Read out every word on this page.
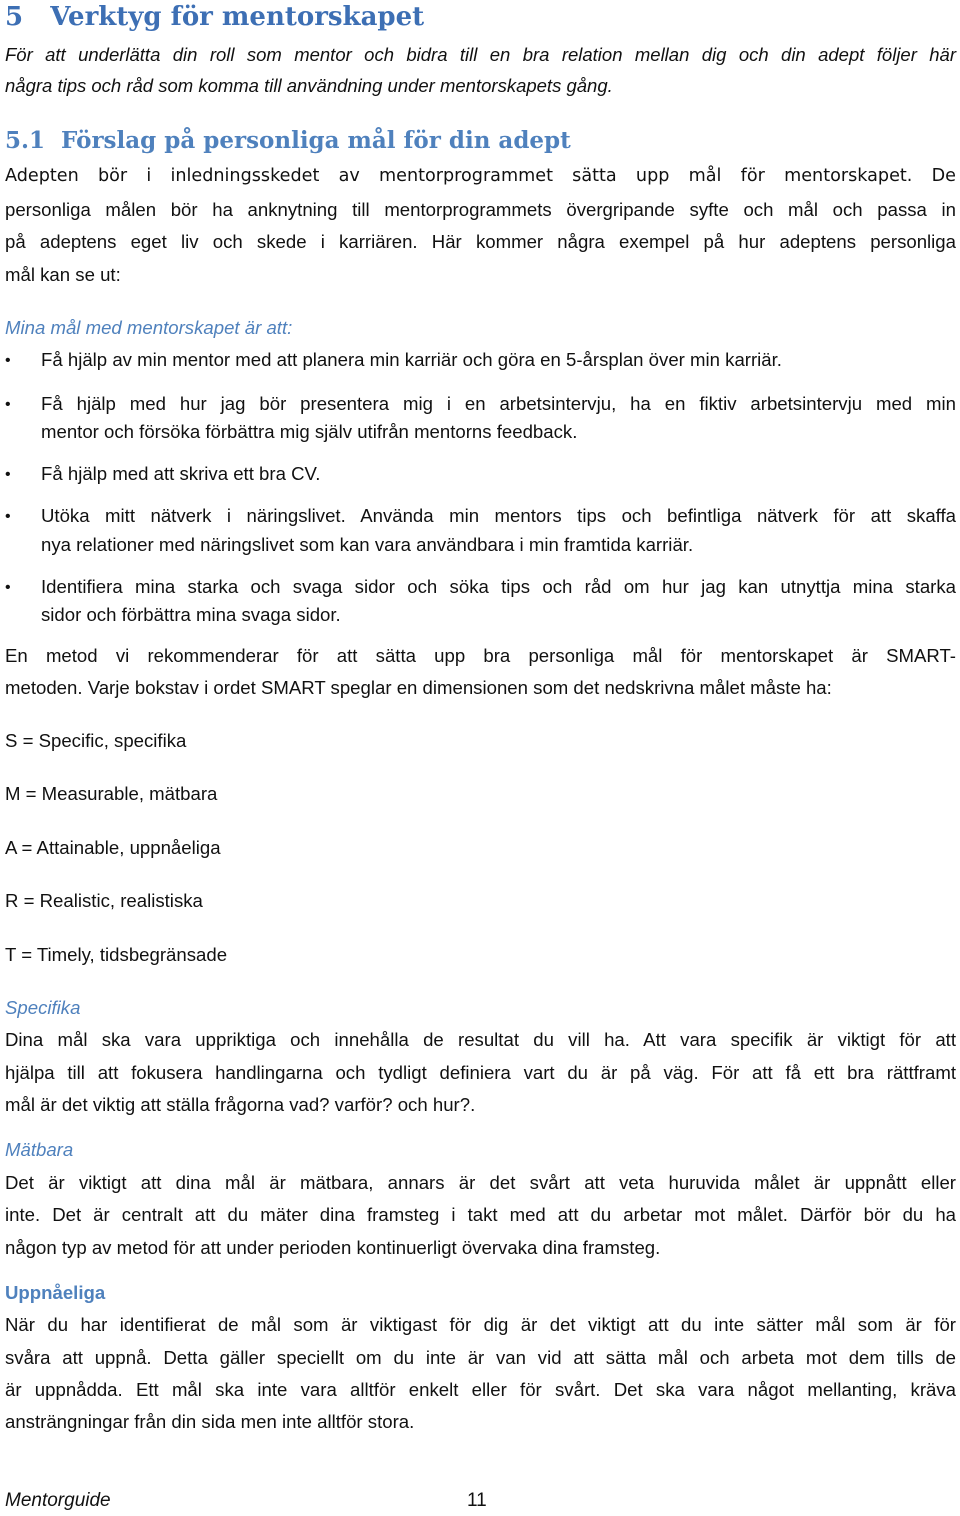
5 Verktyg för mentorskapet
För att underlätta din roll som mentor och bidra till en bra relation mellan dig och din adept följer här
några tips och råd som komma till användning under mentorskapets gång.
5.1 Förslag på personliga mål för din adept
Adepten bör i inledningsskedet av mentorprogrammet sätta upp mål för mentorskapet. De
personliga målen bör ha anknytning till mentorprogrammets övergripande syfte och mål och passa in
på adeptens eget liv och skede i karriären. Här kommer några exempel på hur adeptens personliga
mål kan se ut:
Mina mål med mentorskapet är att:
• Få hjälp av min mentor med att planera min karriär och göra en 5-årsplan över min karriär.
• Få hjälp med hur jag bör presentera mig i en arbetsintervju, ha en fiktiv arbetsintervju med min
mentor och försöka förbättra mig själv utifrån mentorns feedback.
• Få hjälp med att skriva ett bra CV.
• Utöka mitt nätverk i näringslivet. Använda min mentors tips och befintliga nätverk för att skaffa
nya relationer med näringslivet som kan vara användbara i min framtida karriär.
• Identifiera mina starka och svaga sidor och söka tips och råd om hur jag kan utnyttja mina starka
sidor och förbättra mina svaga sidor.
En metod vi rekommenderar för att sätta upp bra personliga mål för mentorskapet är SMART-
metoden. Varje bokstav i ordet SMART speglar en dimensionen som det nedskrivna målet måste ha:
S = Specific, specifika
M = Measurable, mätbara
A = Attainable, uppnåeliga
R = Realistic, realistiska
T = Timely, tidsbegränsade
Specifika
Dina mål ska vara uppriktiga och innehålla de resultat du vill ha. Att vara specifik är viktigt för att
hjälpa till att fokusera handlingarna och tydligt definiera vart du är på väg. För att få ett bra rättframt
mål är det viktig att ställa frågorna vad? varför? och hur?.
Mätbara
Det är viktigt att dina mål är mätbara, annars är det svårt att veta huruvida målet är uppnått eller
inte. Det är centralt att du mäter dina framsteg i takt med att du arbetar mot målet. Därför bör du ha
någon typ av metod för att under perioden kontinuerligt övervaka dina framsteg.
Uppnåeliga
När du har identifierat de mål som är viktigast för dig är det viktigt att du inte sätter mål som är för
svåra att uppnå. Detta gäller speciellt om du inte är van vid att sätta mål och arbeta mot dem tills de
är uppnådda. Ett mål ska inte vara alltför enkelt eller för svårt. Det ska vara något mellanting, kräva
ansträngningar från din sida men inte alltför stora.
Mentorguide	11
